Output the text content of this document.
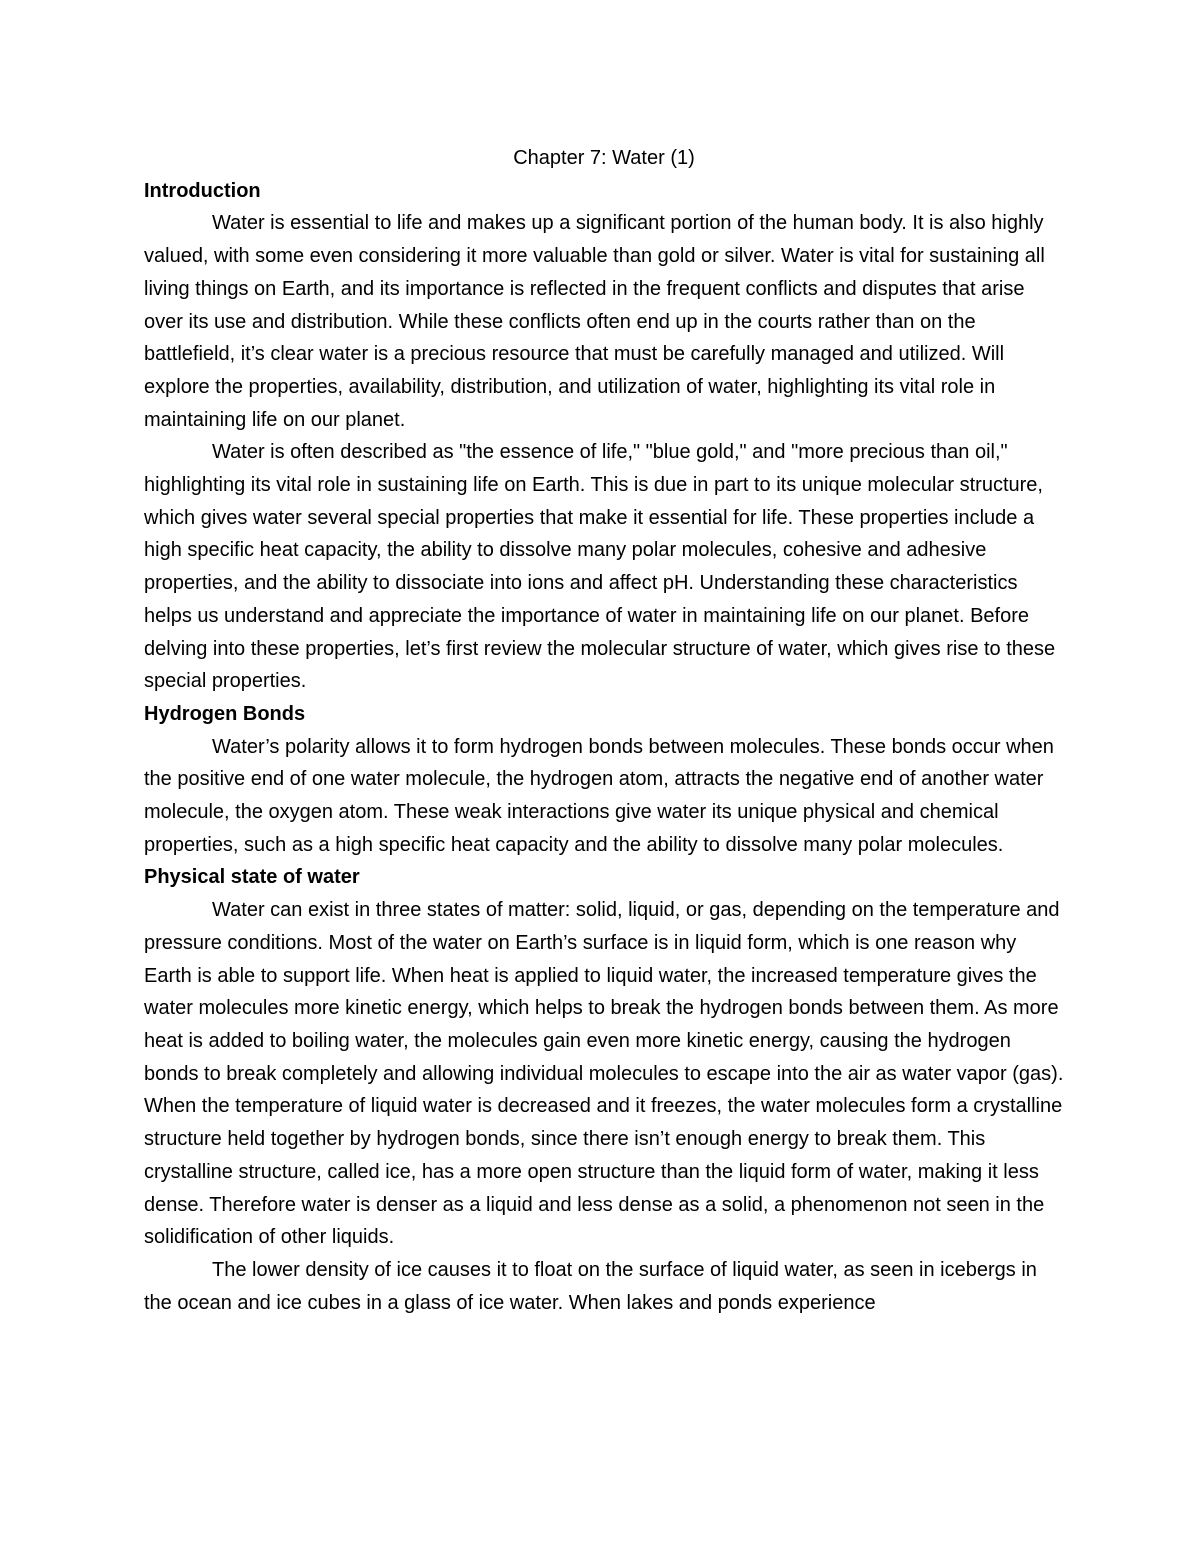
Chapter 7: Water (1)

Introduction

Water is essential to life and makes up a significant portion of the human body. It is also highly valued, with some even considering it more valuable than gold or silver. Water is vital for sustaining all living things on Earth, and its importance is reflected in the frequent conflicts and disputes that arise over its use and distribution. While these conflicts often end up in the courts rather than on the battlefield, it’s clear water is a precious resource that must be carefully managed and utilized. Will explore the properties, availability, distribution, and utilization of water, highlighting its vital role in maintaining life on our planet.

Water is often described as "the essence of life," "blue gold," and "more precious than oil," highlighting its vital role in sustaining life on Earth. This is due in part to its unique molecular structure, which gives water several special properties that make it essential for life. These properties include a high specific heat capacity, the ability to dissolve many polar molecules, cohesive and adhesive properties, and the ability to dissociate into ions and affect pH. Understanding these characteristics helps us understand and appreciate the importance of water in maintaining life on our planet. Before delving into these properties, let’s first review the molecular structure of water, which gives rise to these special properties.

Hydrogen Bonds

Water’s polarity allows it to form hydrogen bonds between molecules. These bonds occur when the positive end of one water molecule, the hydrogen atom, attracts the negative end of another water molecule, the oxygen atom. These weak interactions give water its unique physical and chemical properties, such as a high specific heat capacity and the ability to dissolve many polar molecules.

Physical state of water

Water can exist in three states of matter: solid, liquid, or gas, depending on the temperature and pressure conditions. Most of the water on Earth’s surface is in liquid form, which is one reason why Earth is able to support life. When heat is applied to liquid water, the increased temperature gives the water molecules more kinetic energy, which helps to break the hydrogen bonds between them. As more heat is added to boiling water, the molecules gain even more kinetic energy, causing the hydrogen bonds to break completely and allowing individual molecules to escape into the air as water vapor (gas). When the temperature of liquid water is decreased and it freezes, the water molecules form a crystalline structure held together by hydrogen bonds, since there isn’t enough energy to break them. This crystalline structure, called ice, has a more open structure than the liquid form of water, making it less dense. Therefore water is denser as a liquid and less dense as a solid, a phenomenon not seen in the solidification of other liquids.

The lower density of ice causes it to float on the surface of liquid water, as seen in icebergs in the ocean and ice cubes in a glass of ice water. When lakes and ponds experience
